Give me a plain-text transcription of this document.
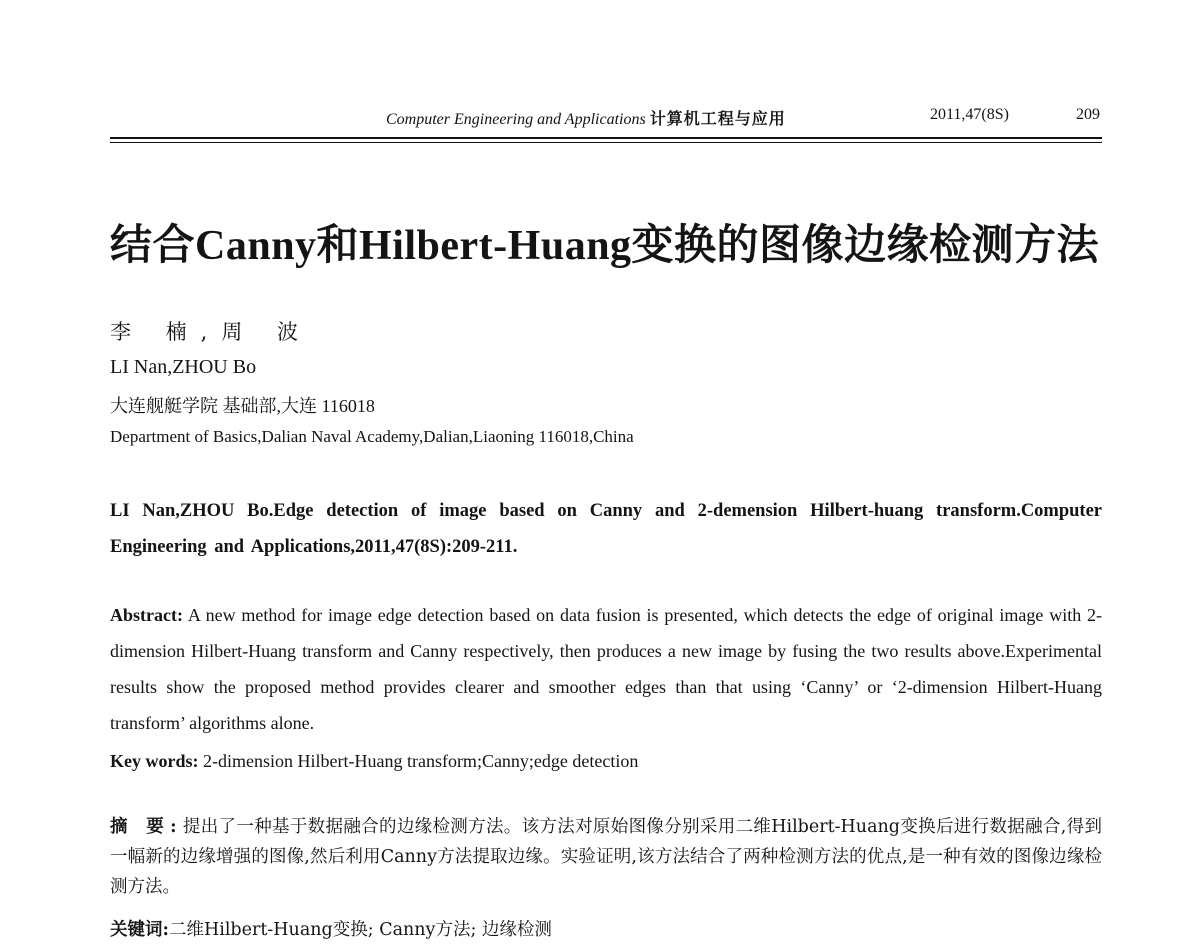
Computer Engineering and Applications 计算机工程与应用	2011,47(8S)	209
结合Canny和Hilbert-Huang变换的图像边缘检测方法
李 楠,周 波
LI Nan,ZHOU Bo
大连舰艇学院 基础部,大连 116018
Department of Basics,Dalian Naval Academy,Dalian,Liaoning 116018,China
LI Nan,ZHOU Bo.Edge detection of image based on Canny and 2-demension Hilbert-huang transform.Computer Engineering and Applications,2011,47(8S):209-211.
Abstract: A new method for image edge detection based on data fusion is presented, which detects the edge of original image with 2-dimension Hilbert-Huang transform and Canny respectively, then produces a new image by fusing the two results above.Experimental results show the proposed method provides clearer and smoother edges than that using ‘Canny’ or ‘2-dimension Hilbert-Huang transform’ algorithms alone.
Key words: 2-dimension Hilbert-Huang transform;Canny;edge detection
摘 要:提出了一种基于数据融合的边缘检测方法。该方法对原始图像分别采用二维Hilbert-Huang变换后进行数据融合,得到一幅新的边缘增强的图像,然后利用Canny方法提取边缘。实验证明,该方法结合了两种检测方法的优点,是一种有效的图像边缘检测方法。
关键词:二维Hilbert-Huang变换; Canny方法; 边缘检测
